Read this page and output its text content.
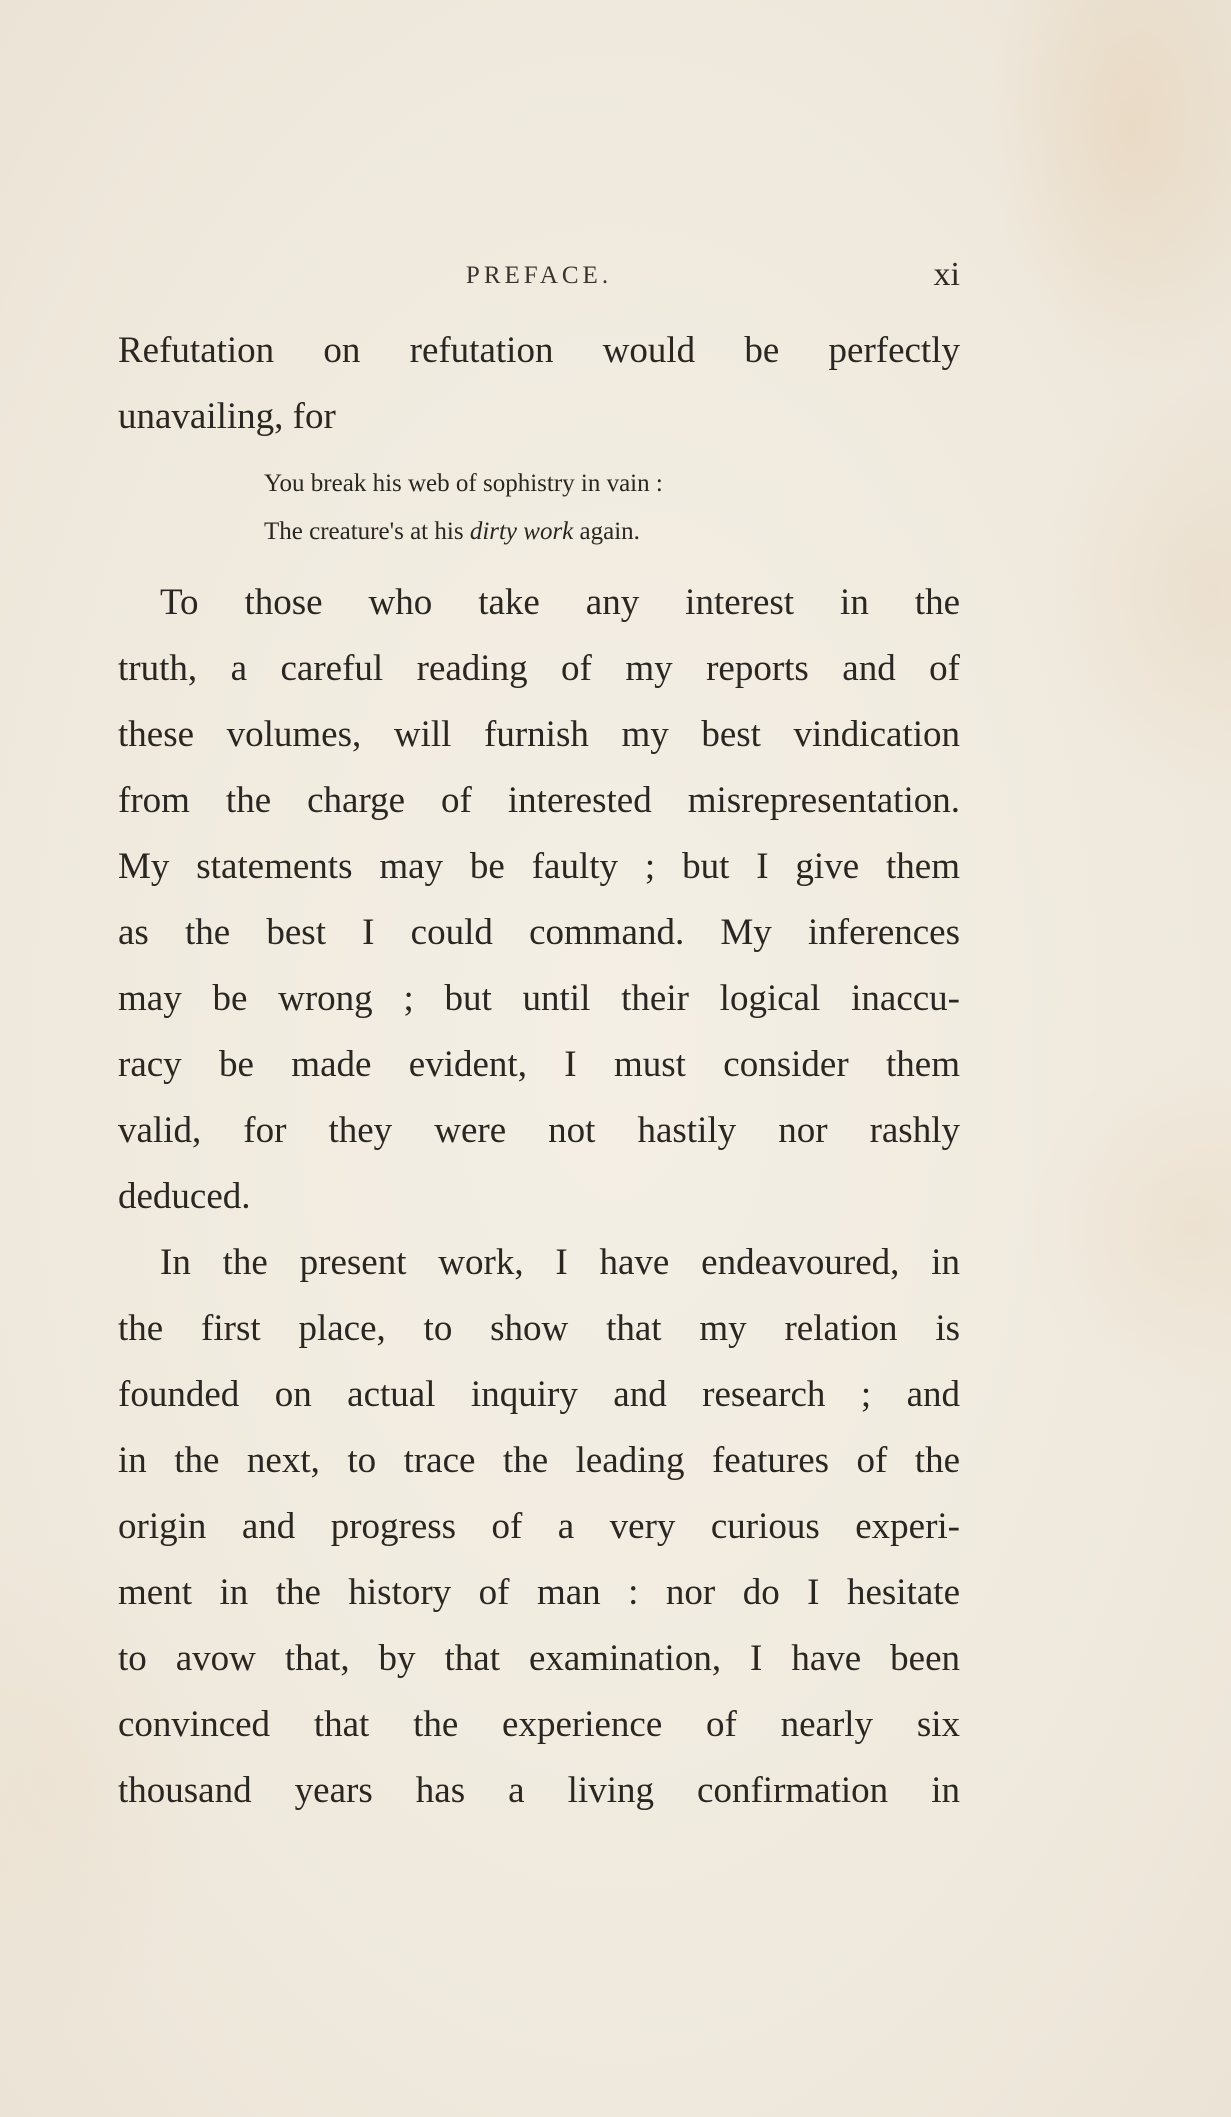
PREFACE.	xi
Refutation on refutation would be perfectly
unavailing, for
You break his web of sophistry in vain :
The creature's at his dirty work again.
To those who take any interest in the
truth, a careful reading of my reports and of
these volumes, will furnish my best vindication
from the charge of interested misrepresentation.
My statements may be faulty ; but I give them
as the best I could command. My inferences
may be wrong ; but until their logical inaccu-
racy be made evident, I must consider them
valid, for they were not hastily nor rashly
deduced.
In the present work, I have endeavoured, in
the first place, to show that my relation is
founded on actual inquiry and research ; and
in the next, to trace the leading features of the
origin and progress of a very curious experi-
ment in the history of man : nor do I hesitate
to avow that, by that examination, I have been
convinced that the experience of nearly six
thousand years has a living confirmation in
